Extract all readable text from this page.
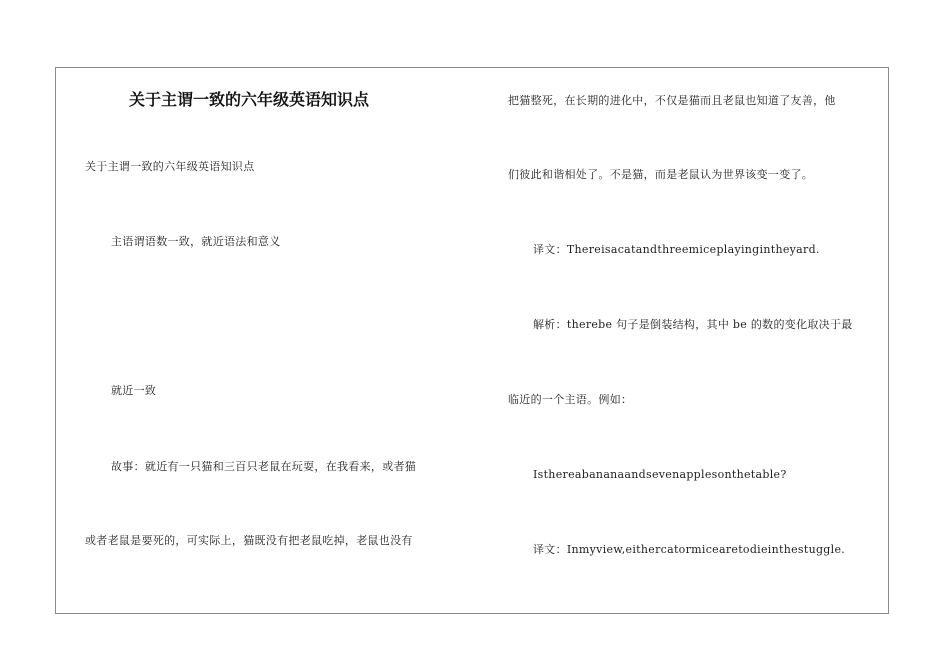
关于主谓一致的六年级英语知识点
关于主谓一致的六年级英语知识点
主语谓语数一致，就近语法和意义
就近一致
故事：就近有一只猫和三百只老鼠在玩耍，在我看来，或者猫
或者老鼠是要死的，可实际上，猫既没有把老鼠吃掉，老鼠也没有
把猫整死，在长期的进化中，不仅是猫而且老鼠也知道了友善，他
们彼此和谐相处了。不是猫，而是老鼠认为世界该变一变了。
译文：Thereisacatandthreemiceplayingintheyard.
解析：therebe 句子是倒装结构，其中 be 的数的变化取决于最
临近的一个主语。例如：
Isthereabananaandsevenapplesonthetable?
译文：Inmyview,eithercatormicearetodieinthestuggle.
